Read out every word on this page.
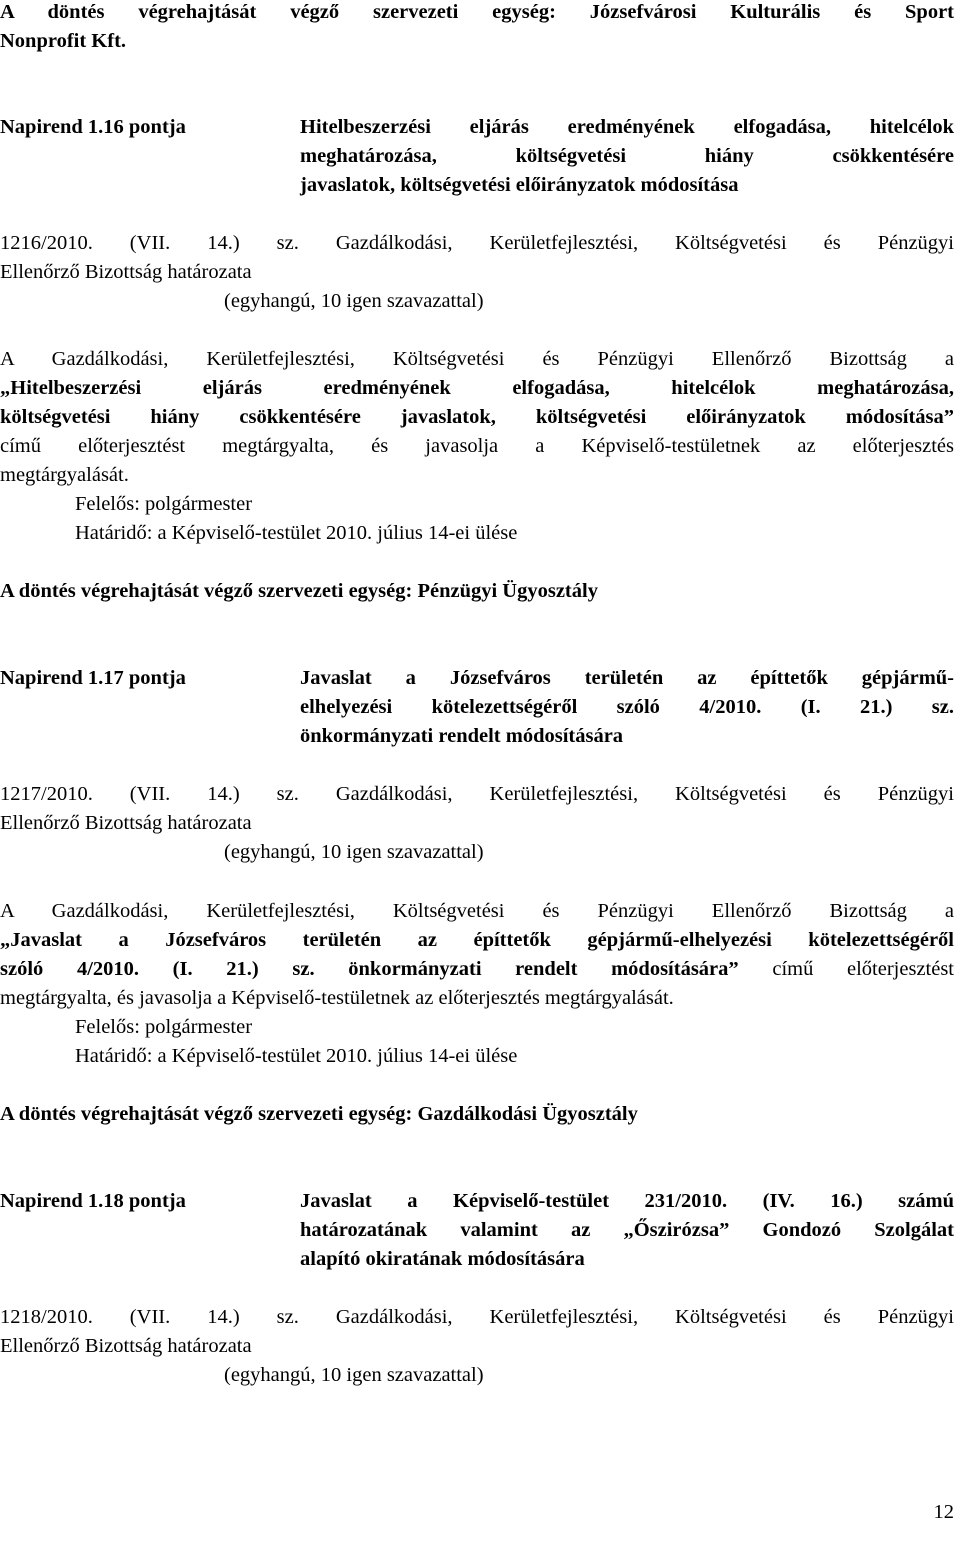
A döntés végrehajtását végző szervezeti egység: Józsefvárosi Kulturális és Sport
Nonprofit Kft.
Napirend 1.16 pontja	Hitelbeszerzési eljárás eredményének elfogadása, hitelcélok
meghatározása, költségvetési hiány csökkentésére
javaslatok, költségvetési előirányzatok módosítása
1216/2010. (VII. 14.) sz. Gazdálkodási, Kerületfejlesztési, Költségvetési és Pénzügyi
Ellenőrző Bizottság határozata
(egyhangú, 10 igen szavazattal)
A Gazdálkodási, Kerületfejlesztési, Költségvetési és Pénzügyi Ellenőrző Bizottság a
„Hitelbeszerzési eljárás eredményének elfogadása, hitelcélok meghatározása,
költségvetési hiány csökkentésére javaslatok, költségvetési előirányzatok módosítása”
című előterjesztést megtárgyalta, és javasolja a Képviselő-testületnek az előterjesztés
megtárgyalását.
Felelős: polgármester
Határidő: a Képviselő-testület 2010. július 14-ei ülése
A döntés végrehajtását végző szervezeti egység: Pénzügyi Ügyosztály
Napirend 1.17 pontja	Javaslat a Józsefváros területén az építtetők gépjármű-
elhelyezési kötelezettségéről szóló 4/2010. (I. 21.) sz.
önkormányzati rendelt módosítására
1217/2010. (VII. 14.) sz. Gazdálkodási, Kerületfejlesztési, Költségvetési és Pénzügyi
Ellenőrző Bizottság határozata
(egyhangú, 10 igen szavazattal)
A Gazdálkodási, Kerületfejlesztési, Költségvetési és Pénzügyi Ellenőrző Bizottság a
„Javaslat a Józsefváros területén az építtetők gépjármű-elhelyezési kötelezettségéről
szóló 4/2010. (I. 21.) sz. önkormányzati rendelt módosítására” című előterjesztést
megtárgyalta, és javasolja a Képviselő-testületnek az előterjesztés megtárgyalását.
Felelős: polgármester
Határidő: a Képviselő-testület 2010. július 14-ei ülése
A döntés végrehajtását végző szervezeti egység: Gazdálkodási Ügyosztály
Napirend 1.18 pontja	Javaslat a Képviselő-testület 231/2010. (IV. 16.) számú
határozatának valamint az „Őszirózsa” Gondozó Szolgálat
alapító okiratának módosítására
1218/2010. (VII. 14.) sz. Gazdálkodási, Kerületfejlesztési, Költségvetési és Pénzügyi
Ellenőrző Bizottság határozata
(egyhangú, 10 igen szavazattal)
12
